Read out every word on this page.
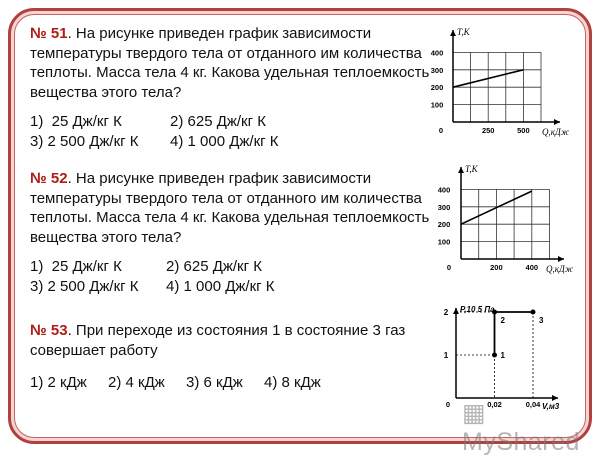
№ 51. На рисунке приведен график зависимости
температуры твердого тела от отданного им количества
теплоты. Масса тела 4 кг. Какова удельная теплоемкость
вещества этого тела?
1)  25 Дж/кг К	2) 625 Дж/кг К
3) 2 500 Дж/кг К	4) 1 000 Дж/кг К
№ 52. На рисунке приведен график зависимости
температуры твердого тела от отданного им количества
теплоты. Масса тела 4 кг. Какова удельная теплоемкость
вещества этого тела?
1)  25 Дж/кг К	2) 625 Дж/кг К
3) 2 500 Дж/кг К	4) 1 000 Дж/кг К
№ 53. При переходе из состояния 1 в состояние 3 газ
совершает работу
1) 2 кДж	2) 4 кДж	3) 6 кДж	4) 8 кДж
100
200
300
400
0	250	500
T,K
Q,кДж
100
200
300
400
0	200	400
T,K
Q,кДж
1
2	3
1
2
0	0,02	0,04
P,10 5 Па
V,м3
▦ MyShared
